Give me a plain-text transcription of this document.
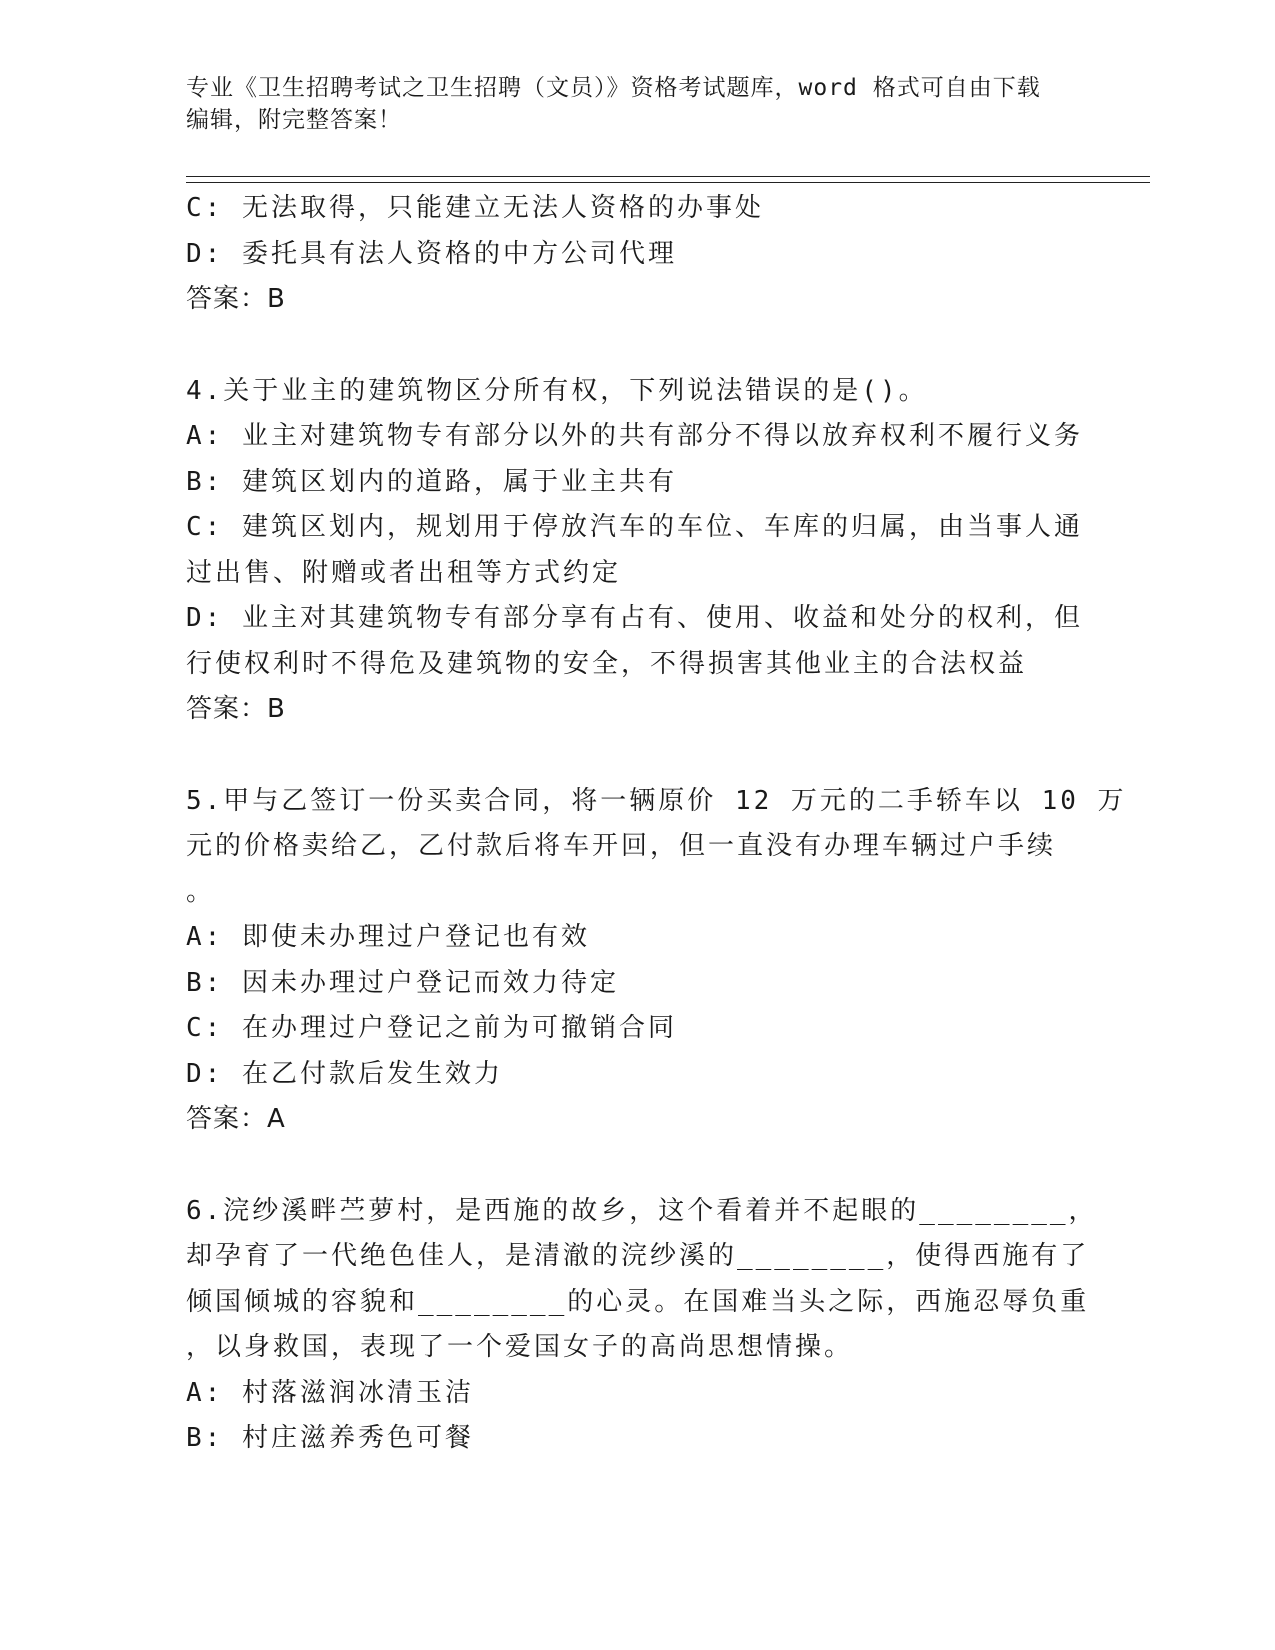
专业《卫生招聘考试之卫生招聘（文员）》资格考试题库，word 格式可自由下载
编辑，附完整答案！
C: 无法取得，只能建立无法人资格的办事处
D: 委托具有法人资格的中方公司代理
答案：B
4.关于业主的建筑物区分所有权，下列说法错误的是()。
A: 业主对建筑物专有部分以外的共有部分不得以放弃权利不履行义务
B: 建筑区划内的道路，属于业主共有
C: 建筑区划内，规划用于停放汽车的车位、车库的归属，由当事人通
过出售、附赠或者出租等方式约定
D: 业主对其建筑物专有部分享有占有、使用、收益和处分的权利，但
行使权利时不得危及建筑物的安全，不得损害其他业主的合法权益
答案：B
5.甲与乙签订一份买卖合同，将一辆原价 12 万元的二手轿车以 10 万
元的价格卖给乙，乙付款后将车开回，但一直没有办理车辆过户手续
。
A: 即使未办理过户登记也有效
B: 因未办理过户登记而效力待定
C: 在办理过户登记之前为可撤销合同
D: 在乙付款后发生效力
答案：A
6.浣纱溪畔苎萝村，是西施的故乡，这个看着并不起眼的________，
却孕育了一代绝色佳人，是清澈的浣纱溪的________，使得西施有了
倾国倾城的容貌和________的心灵。在国难当头之际，西施忍辱负重
，以身救国，表现了一个爱国女子的高尚思想情操。
A: 村落滋润冰清玉洁
B: 村庄滋养秀色可餐
